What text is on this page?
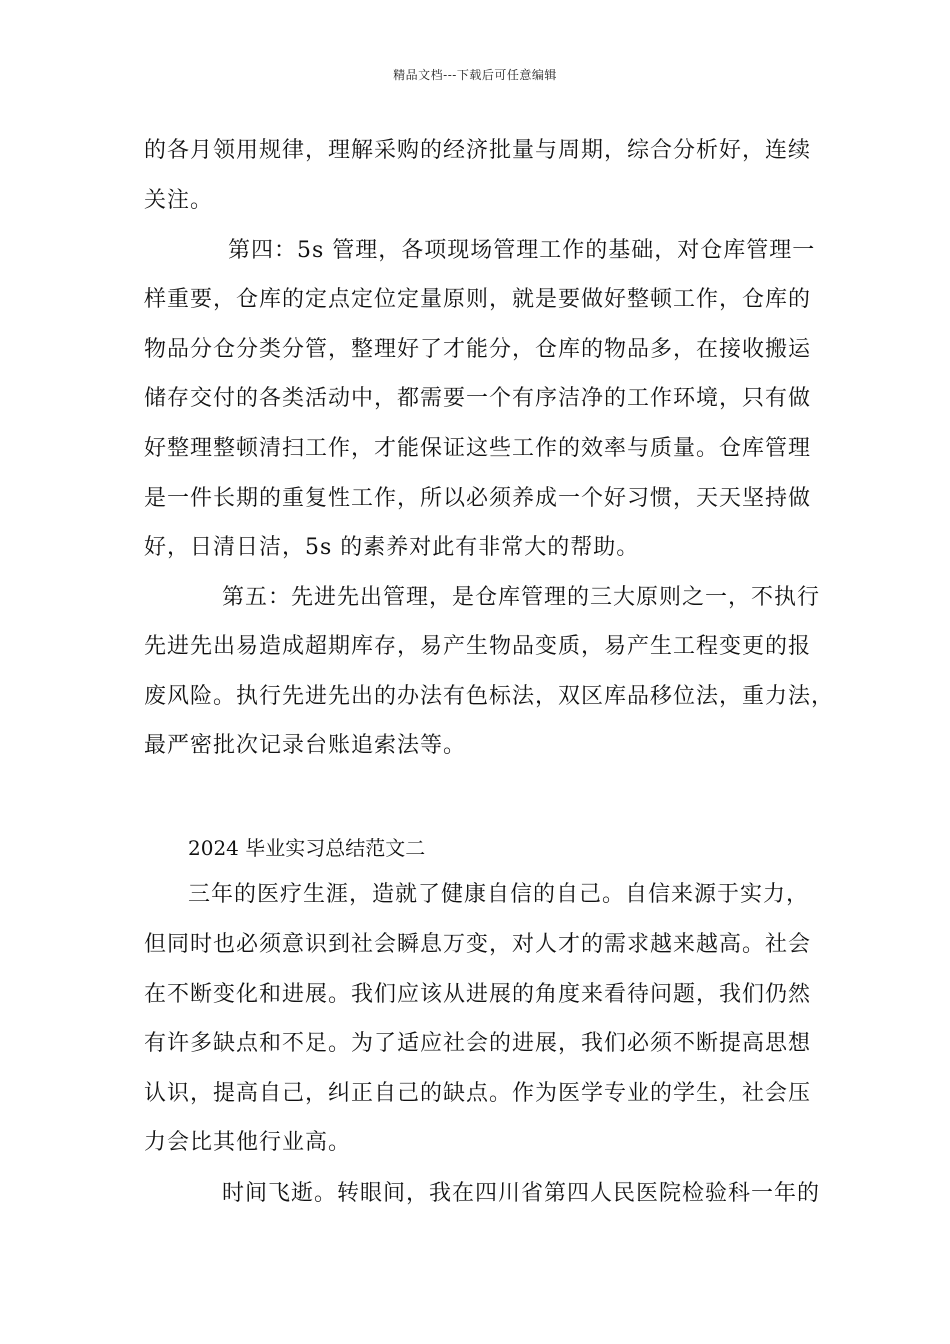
精品文档---下载后可任意编辑
的各月领用规律，理解采购的经济批量与周期，综合分析好，连续
关注。
第四：5s 管理，各项现场管理工作的基础，对仓库管理一
样重要，仓库的定点定位定量原则，就是要做好整顿工作，仓库的
物品分仓分类分管，整理好了才能分，仓库的物品多，在接收搬运
储存交付的各类活动中，都需要一个有序洁净的工作环境，只有做
好整理整顿清扫工作，才能保证这些工作的效率与质量。仓库管理
是一件长期的重复性工作，所以必须养成一个好习惯，天天坚持做
好，日清日洁，5s 的素养对此有非常大的帮助。
第五：先进先出管理，是仓库管理的三大原则之一，不执行
先进先出易造成超期库存，易产生物品变质，易产生工程变更的报
废风险。执行先进先出的办法有色标法，双区库品移位法，重力法，
最严密批次记录台账追索法等。
2024 毕业实习总结范文二
三年的医疗生涯，造就了健康自信的自己。自信来源于实力，
但同时也必须意识到社会瞬息万变，对人才的需求越来越高。社会
在不断变化和进展。我们应该从进展的角度来看待问题，我们仍然
有许多缺点和不足。为了适应社会的进展，我们必须不断提高思想
认识，提高自己，纠正自己的缺点。作为医学专业的学生，社会压
力会比其他行业高。
时间飞逝。转眼间，我在四川省第四人民医院检验科一年的
